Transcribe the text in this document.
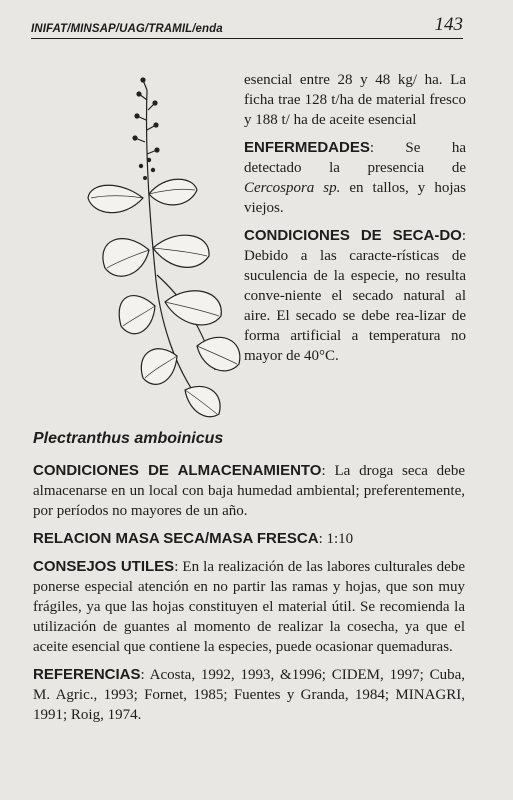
INIFAT/MINSAP/UAG/TRAMIL/enda	143

esencial entre 28 y 48 kg/ ha. La ficha trae 128 t/ha de material fresco y 188 t/ ha de aceite esencial

ENFERMEDADES: Se ha detectado la presencia de Cercospora sp. en tallos, y hojas viejos.

CONDICIONES DE SECA-DO: Debido a las caracte-rísticas de suculencia de la especie, no resulta conve-niente el secado natural al aire. El secado se debe rea-lizar de forma artificial a temperatura no mayor de 40°C.

Plectranthus amboinicus

CONDICIONES DE ALMACENAMIENTO: La droga seca debe almacenarse en un local con baja humedad ambiental; preferentemente, por períodos no mayores de un año.

RELACION MASA SECA/MASA FRESCA: 1:10

CONSEJOS UTILES: En la realización de las labores culturales debe ponerse especial atención en no partir las ramas y hojas, que son muy frágiles, ya que las hojas constituyen el material útil. Se recomienda la utilización de guantes al momento de realizar la cosecha, ya que el aceite esencial que contiene la especies, puede ocasionar quemaduras.

REFERENCIAS: Acosta, 1992, 1993, &1996; CIDEM, 1997; Cuba, M. Agric., 1993; Fornet, 1985; Fuentes y Granda, 1984; MINAGRI, 1991; Roig, 1974.
